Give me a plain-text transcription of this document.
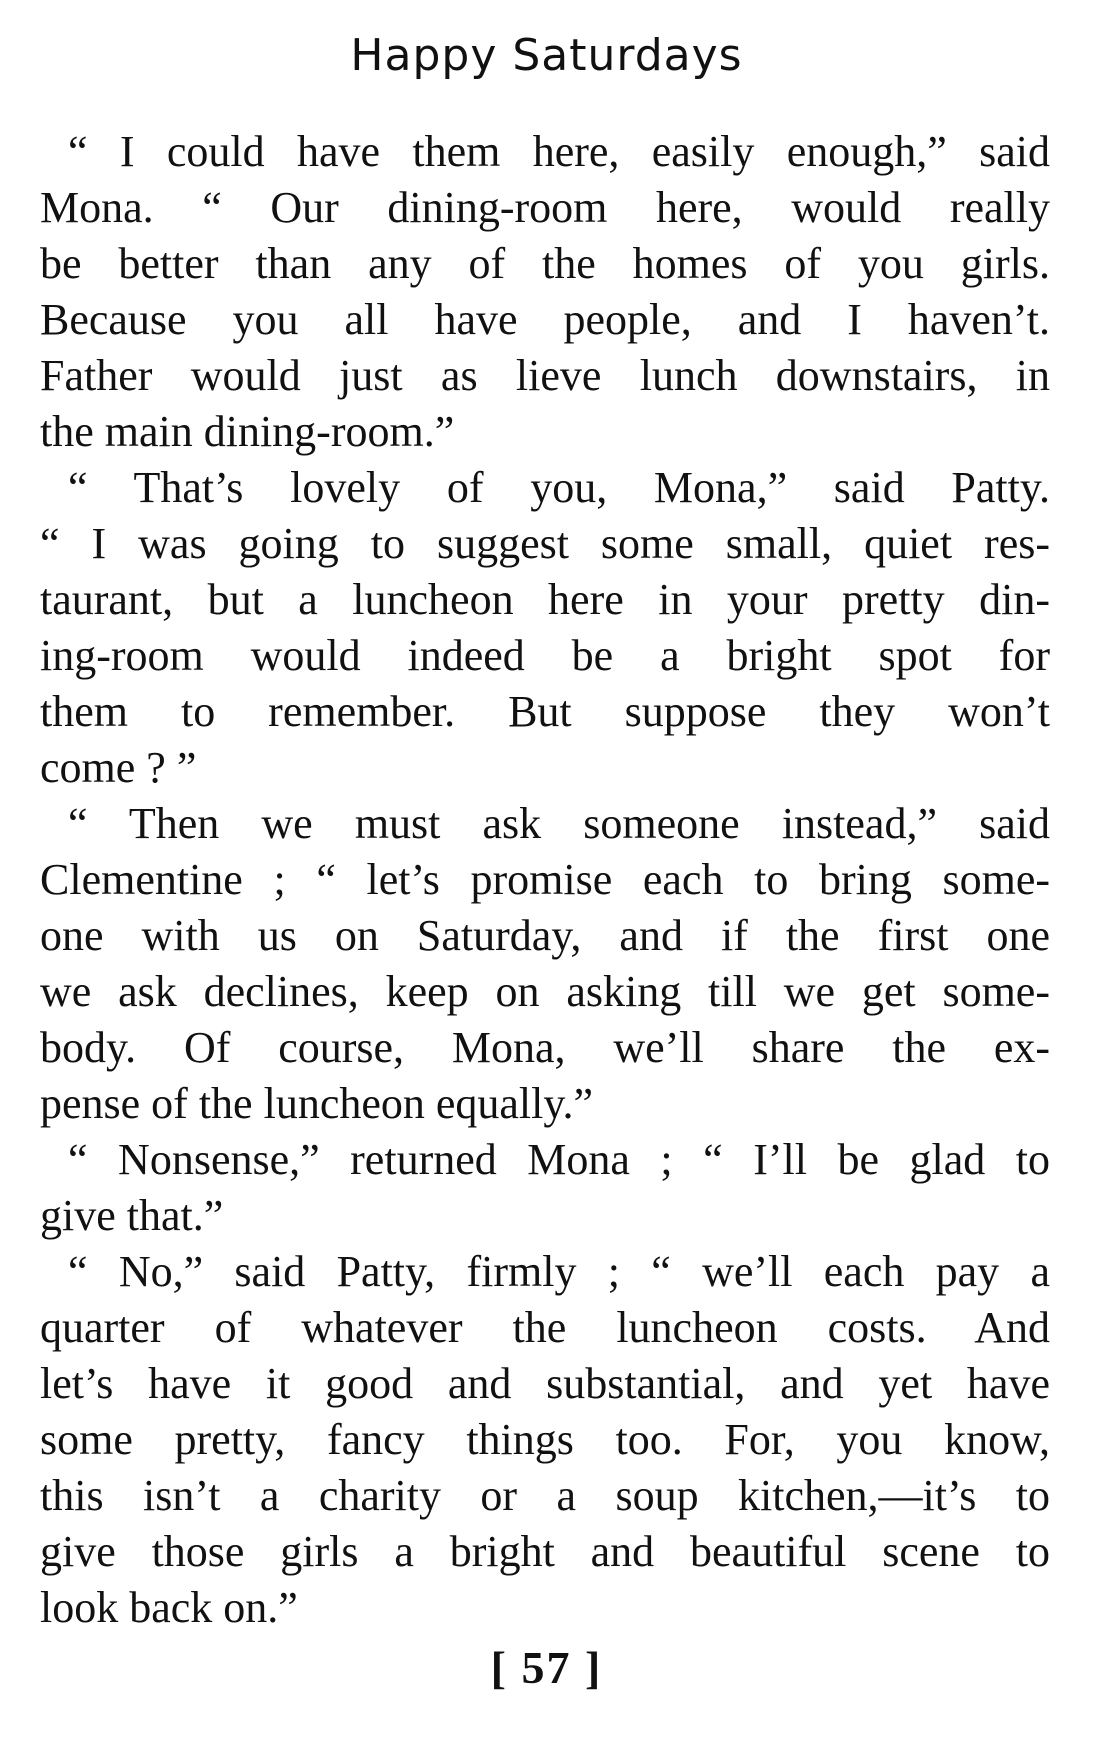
Happy Saturdays
“ I could have them here, easily enough,” said
Mona. “ Our dining-room here, would really
be better than any of the homes of you girls.
Because you all have people, and I haven’t.
Father would just as lieve lunch downstairs, in
the main dining-room.”
“ That’s lovely of you, Mona,” said Patty.
“ I was going to suggest some small, quiet res-
taurant, but a luncheon here in your pretty din-
ing-room would indeed be a bright spot for
them to remember. But suppose they won’t
come ? ”
“ Then we must ask someone instead,” said
Clementine ; “ let’s promise each to bring some-
one with us on Saturday, and if the first one
we ask declines, keep on asking till we get some-
body. Of course, Mona, we’ll share the ex-
pense of the luncheon equally.”
“ Nonsense,” returned Mona ; “ I’ll be glad to
give that.”
“ No,” said Patty, firmly ; “ we’ll each pay a
quarter of whatever the luncheon costs. And
let’s have it good and substantial, and yet have
some pretty, fancy things too. For, you know,
this isn’t a charity or a soup kitchen,—it’s to
give those girls a bright and beautiful scene to
look back on.”
[ 57 ]
